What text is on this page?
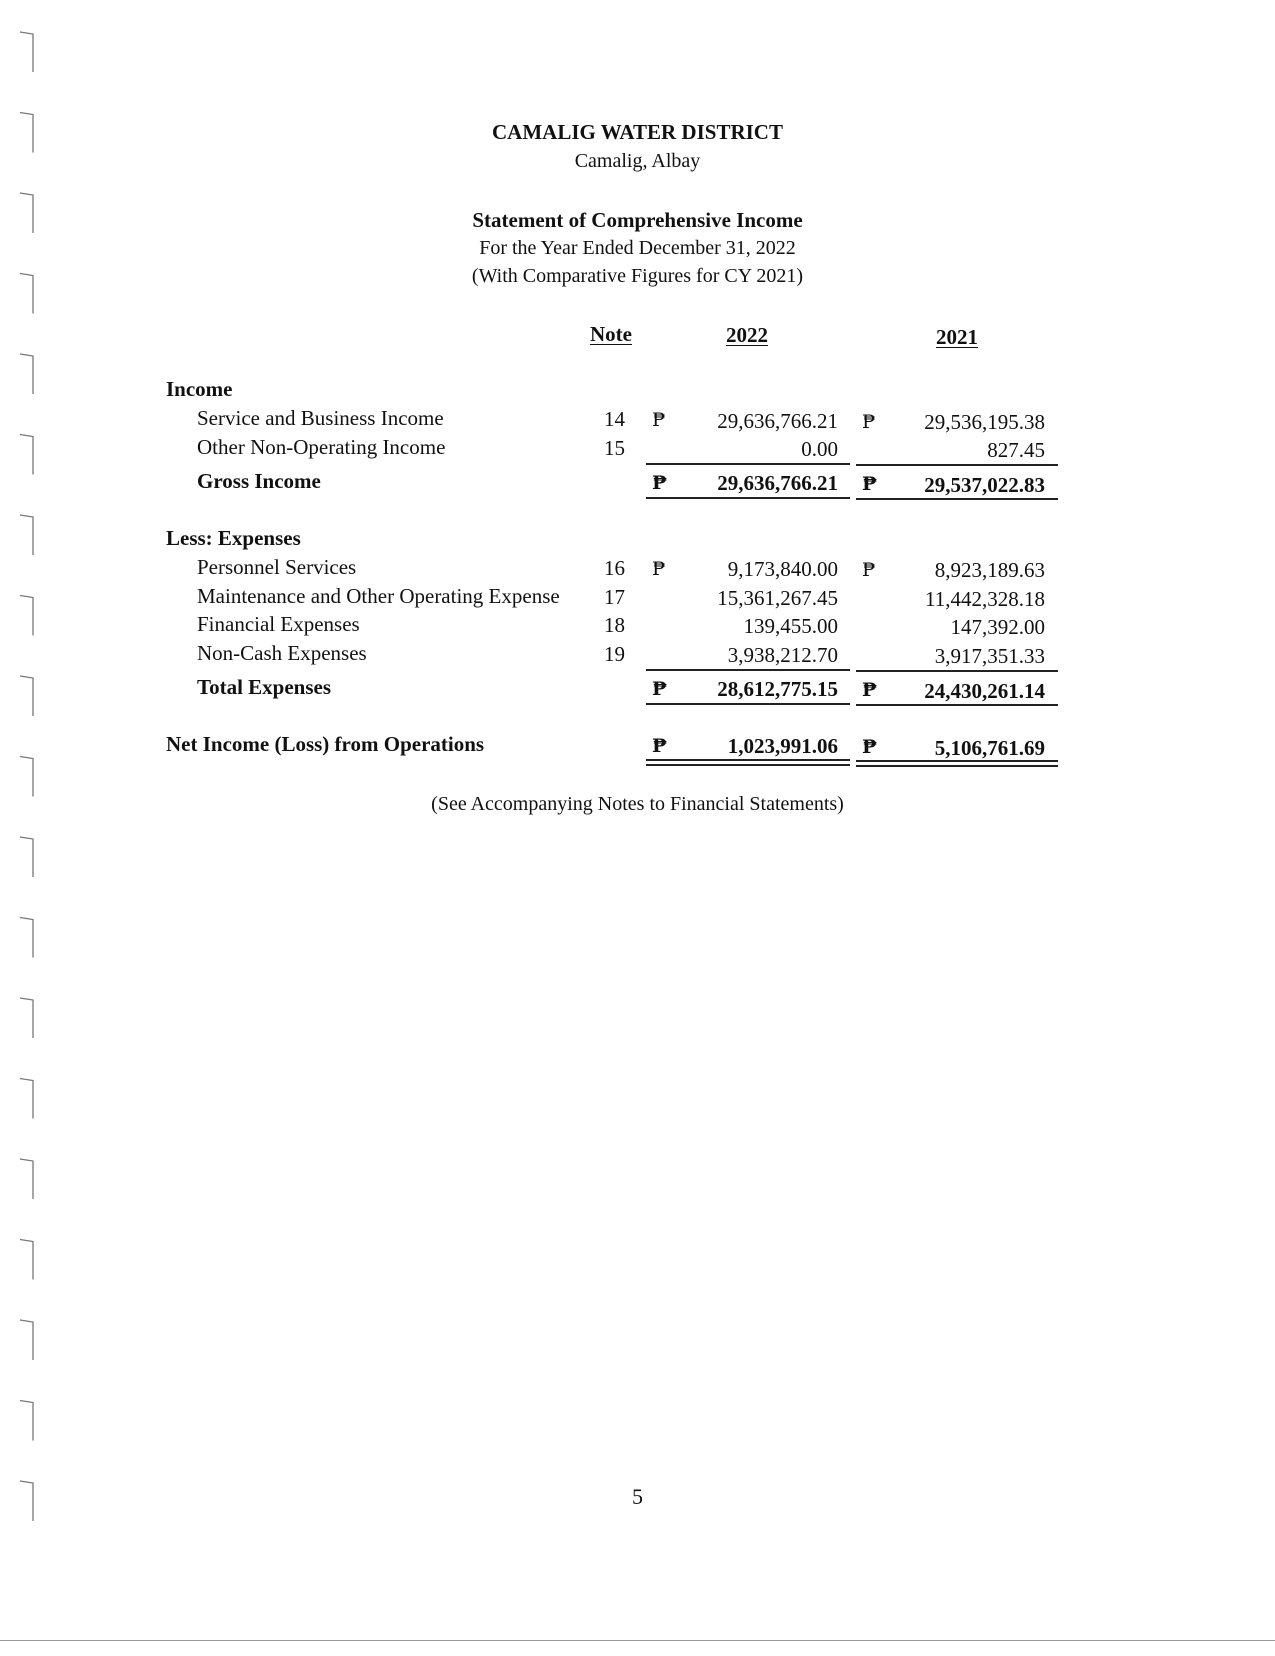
CAMALIG WATER DISTRICT
Camalig, Albay
Statement of Comprehensive Income
For the Year Ended December 31, 2022
(With Comparative Figures for CY 2021)
Note	2022	2021
Income
Service and Business Income	14 ₱	29,636,766.21 ₱	29,536,195.38
Other Non-Operating Income	15	0.00	827.45
Gross Income	₱	29,636,766.21 ₱	29,537,022.83
Less: Expenses
Personnel Services	16 ₱	9,173,840.00 ₱	8,923,189.63
Maintenance and Other Operating Expense 17	15,361,267.45	11,442,328.18
Financial Expenses	18	139,455.00	147,392.00
Non-Cash Expenses	19	3,938,212.70	3,917,351.33
Total Expenses	₱	28,612,775.15 ₱	24,430,261.14
Net Income (Loss) from Operations	₱	1,023,991.06 ₱	5,106,761.69
(See Accompanying Notes to Financial Statements)
5
